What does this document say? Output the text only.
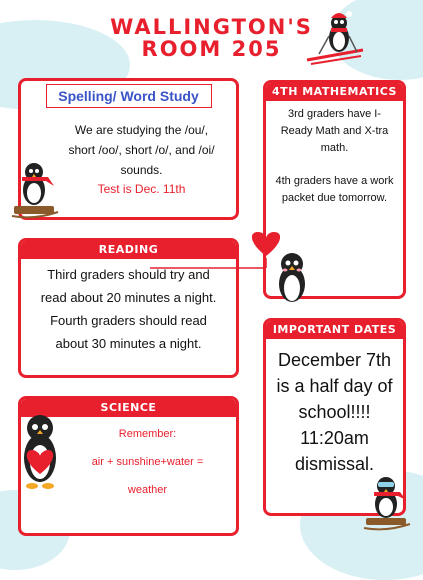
WALLINGTON'S
ROOM 205
Spelling/ Word Study
We are studying the /ou/, short /oo/, short /o/, and /oi/ sounds.
Test is Dec. 11th
4TH MATHEMATICS
3rd graders have I-Ready Math and X-tra math.
4th graders have a work packet due tomorrow.
READING
Third graders should try and read about 20 minutes a night. Fourth graders should read about 30 minutes a night.
IMPORTANT DATES
December 7th is a half day of school!!!! 11:20am dismissal.
SCIENCE
Remember:
air + sunshine+water =
weather
